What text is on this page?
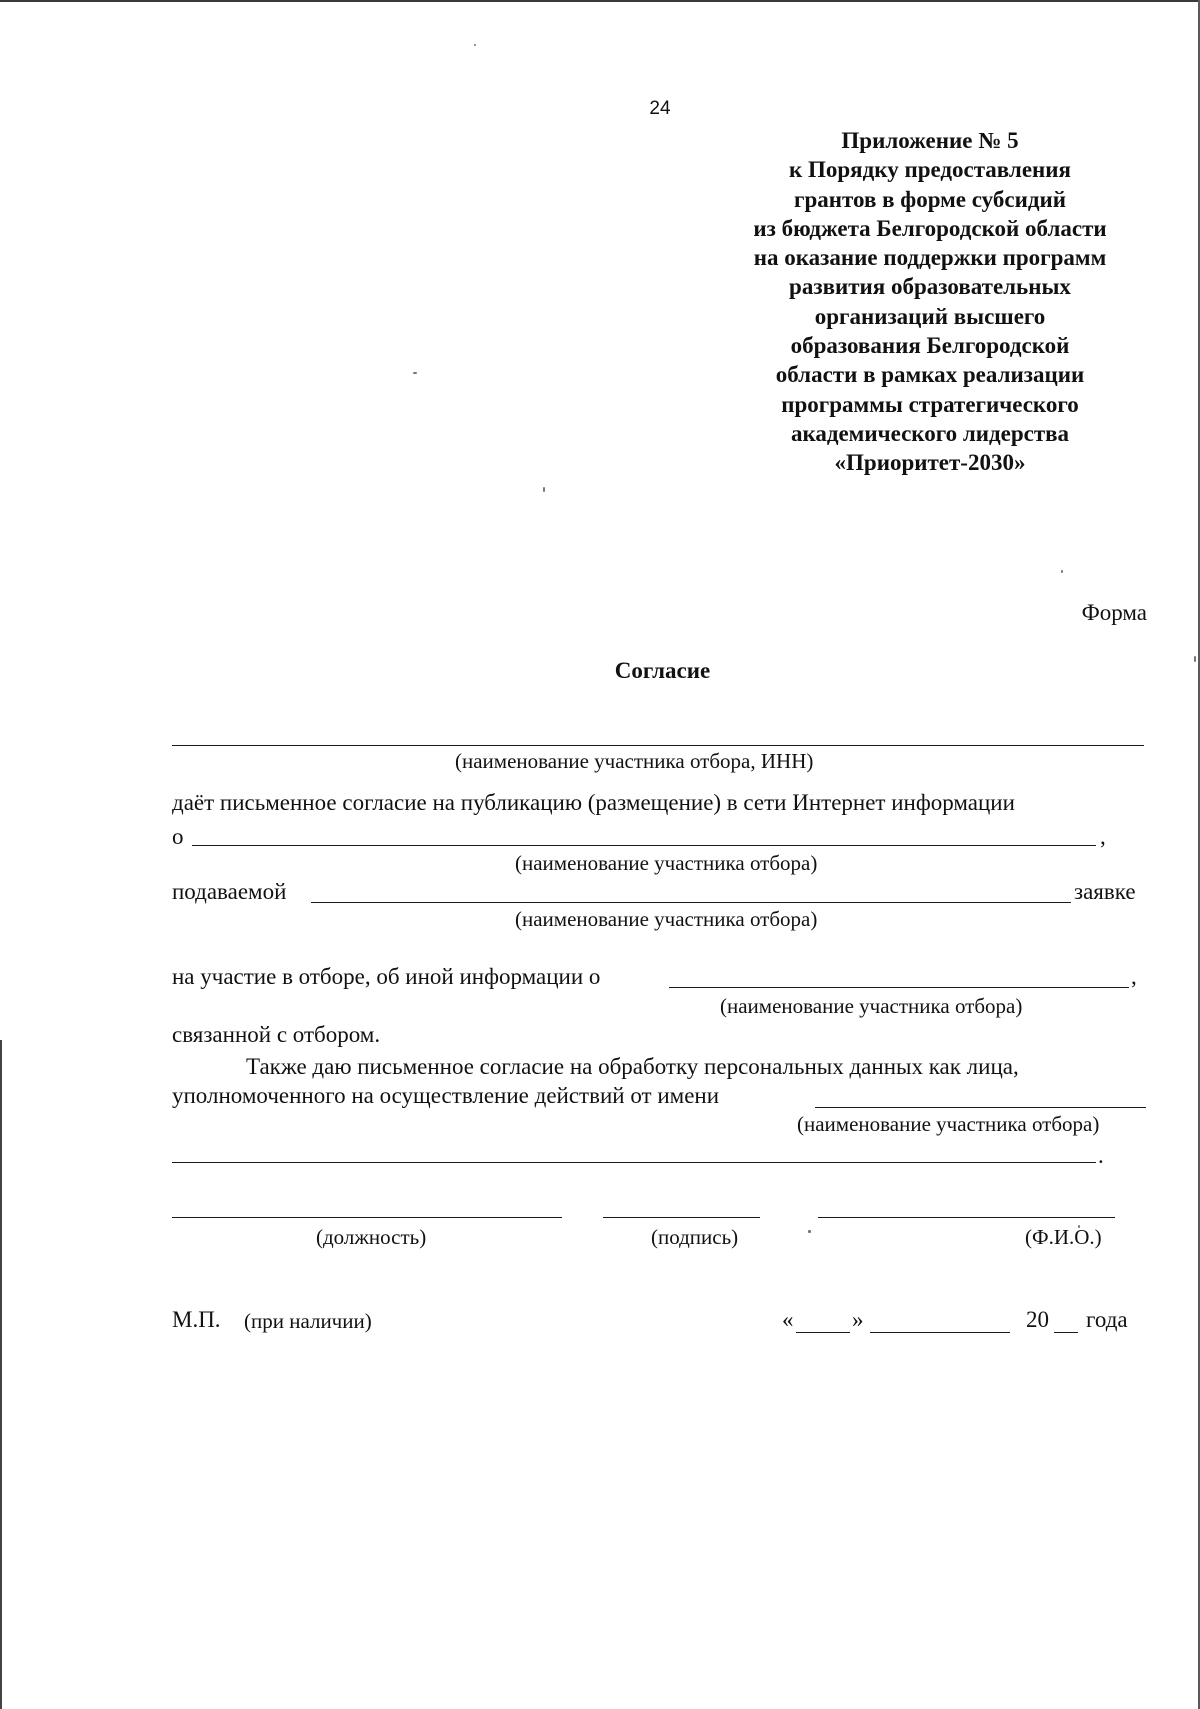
24
Приложение № 5
к Порядку предоставления
грантов в форме субсидий
из бюджета Белгородской области
на оказание поддержки программ
развития образовательных
организаций высшего
образования Белгородской
области в рамках реализации
программы стратегического
академического лидерства
«Приоритет-2030»
Форма
Согласие
(наименование участника отбора, ИНН)
даёт письменное согласие на публикацию (размещение) в сети Интернет информации
о	,
(наименование участника отбора)
подаваемой	заявке
(наименование участника отбора)
на участие в отборе, об иной информации о	,
(наименование участника отбора)
связанной с отбором.
Также даю письменное согласие на обработку персональных данных как лица,
уполномоченного на осуществление действий от имени
(наименование участника отбора)
.
(должность)	(подпись)	(Ф.И.О.)
М.П. (при наличии)	«	»	20 года
